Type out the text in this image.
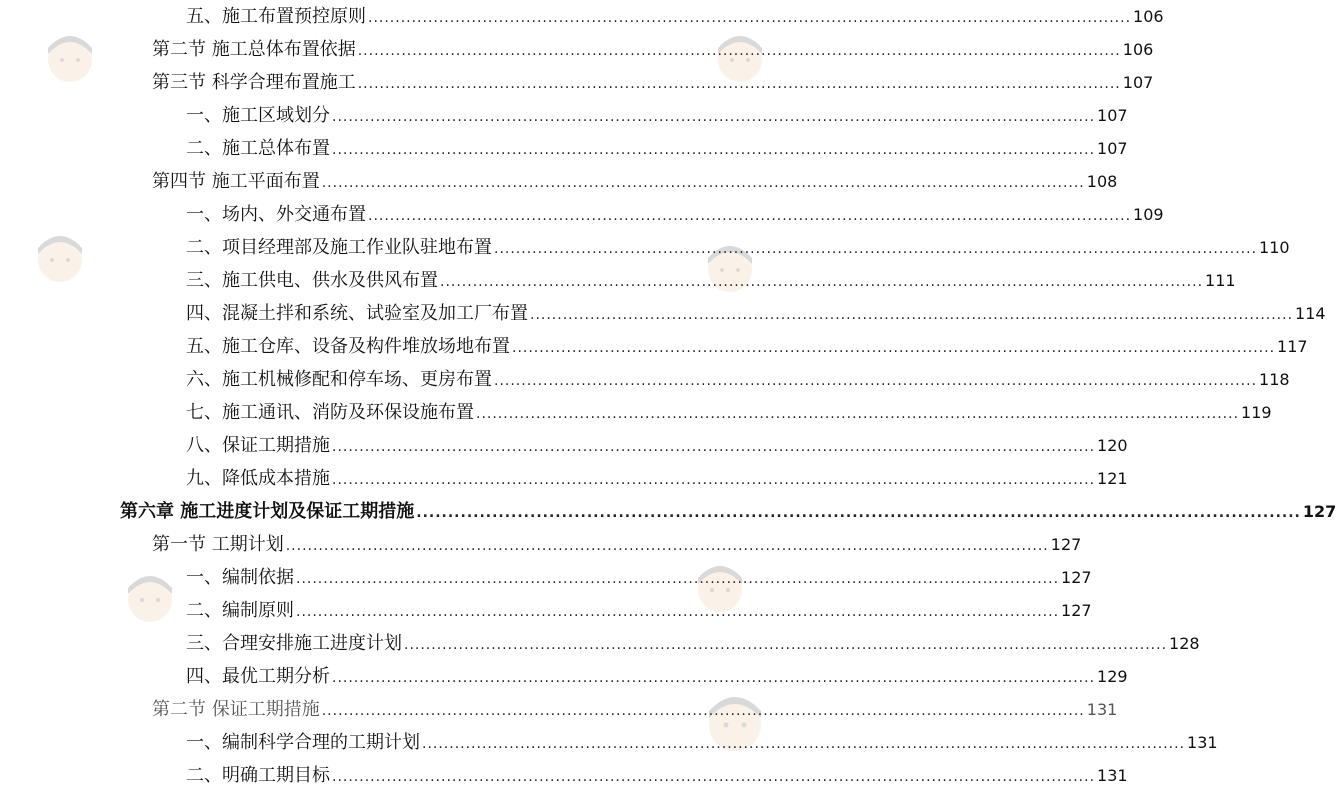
五、施工布置预控原则 ............................................................................................................................................ 106
第二节 施工总体布置依据 ............................................................................................................................................ 106
第三节 科学合理布置施工 ............................................................................................................................................ 107
一、施工区域划分 ............................................................................................................................................ 107
二、施工总体布置 ............................................................................................................................................ 107
第四节 施工平面布置 ............................................................................................................................................ 108
一、场内、外交通布置 ............................................................................................................................................ 109
二、项目经理部及施工作业队驻地布置 ............................................................................................................................................ 110
三、施工供电、供水及供风布置 ............................................................................................................................................ 111
四、混凝土拌和系统、试验室及加工厂布置 ............................................................................................................................................ 114
五、施工仓库、设备及构件堆放场地布置 ............................................................................................................................................ 117
六、施工机械修配和停车场、更房布置 ............................................................................................................................................ 118
七、施工通讯、消防及环保设施布置 ............................................................................................................................................ 119
八、保证工期措施 ............................................................................................................................................ 120
九、降低成本措施 ............................................................................................................................................ 121
第六章 施工进度计划及保证工期措施 ............................................................................................................................................ 127
第一节 工期计划 ............................................................................................................................................ 127
一、编制依据 ............................................................................................................................................ 127
二、编制原则 ............................................................................................................................................ 127
三、合理安排施工进度计划 ............................................................................................................................................ 128
四、最优工期分析 ............................................................................................................................................ 129
第二节 保证工期措施 ............................................................................................................................................ 131
一、编制科学合理的工期计划 ............................................................................................................................................ 131
二、明确工期目标 ............................................................................................................................................ 131
